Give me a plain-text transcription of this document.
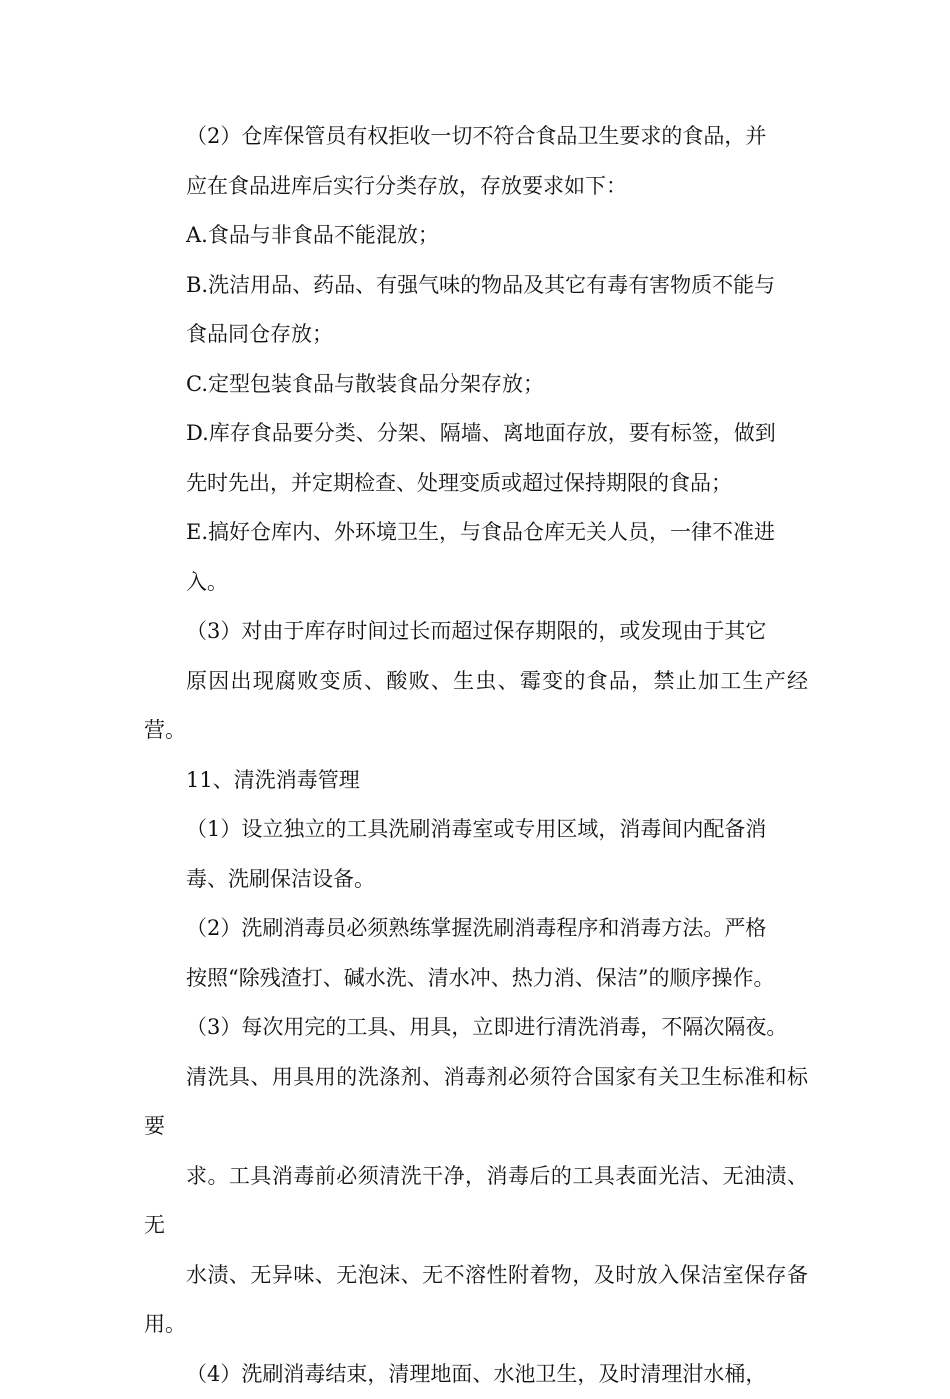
（2）仓库保管员有权拒收一切不符合食品卫生要求的食品，并
应在食品进库后实行分类存放，存放要求如下：

A.食品与非食品不能混放；

B.洗洁用品、药品、有强气味的物品及其它有毒有害物质不能与
食品同仓存放；

C.定型包装食品与散装食品分架存放；

D.库存食品要分类、分架、隔墙、离地面存放，要有标签，做到
先时先出，并定期检查、处理变质或超过保持期限的食品；

E.搞好仓库内、外环境卫生，与食品仓库无关人员，一律不准进
入。

（3）对由于库存时间过长而超过保存期限的，或发现由于其它
原因出现腐败变质、酸败、生虫、霉变的食品，禁止加工生产经营。

11、清洗消毒管理

（1）设立独立的工具洗刷消毒室或专用区域，消毒间内配备消
毒、洗刷保洁设备。

（2）洗刷消毒员必须熟练掌握洗刷消毒程序和消毒方法。严格
按照“除残渣打、碱水洗、清水冲、热力消、保洁”的顺序操作。

（3）每次用完的工具、用具，立即进行清洗消毒，不隔次隔夜。
清洗具、用具用的洗涤剂、消毒剂必须符合国家有关卫生标准和标要
求。工具消毒前必须清洗干净，消毒后的工具表面光洁、无油渍、无
水渍、无异味、无泡沫、无不溶性附着物，及时放入保洁室保存备用。

（4）洗刷消毒结束，清理地面、水池卫生，及时清理泔水桶，
